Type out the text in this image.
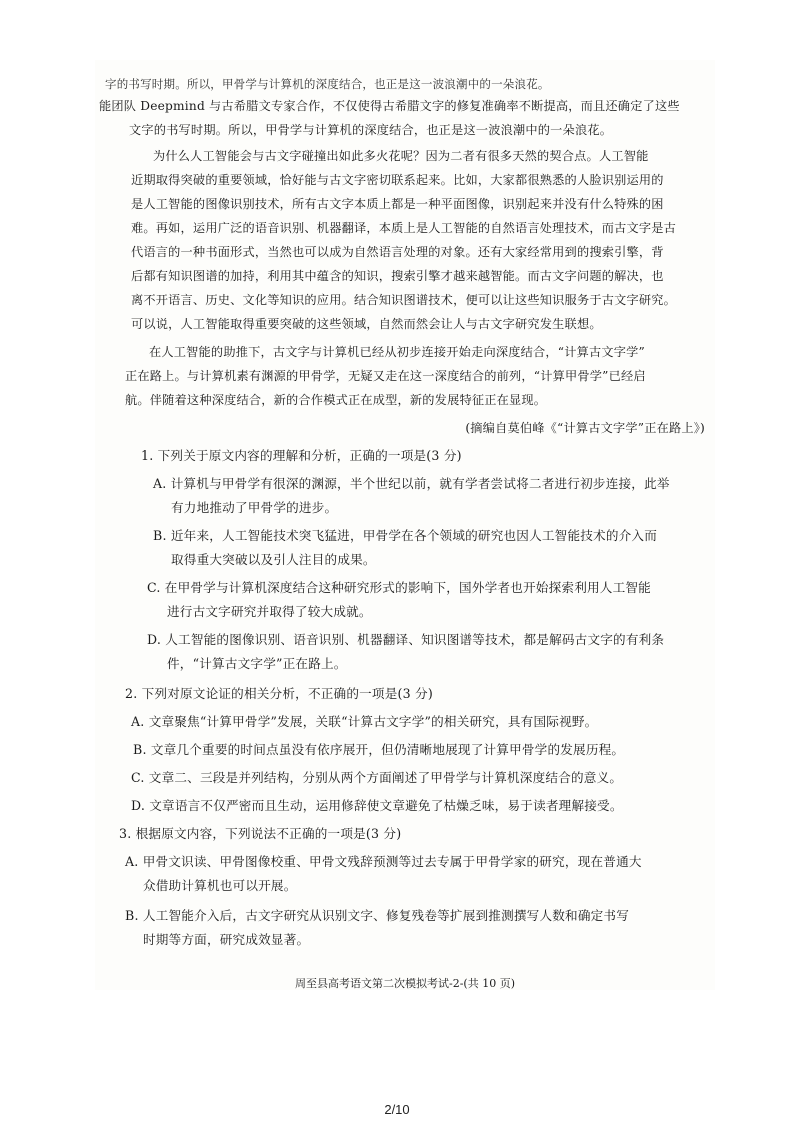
字的书写时期。所以，甲骨学与计算机的深度结合，也正是这一波浪潮中的一朵浪花。
能团队 Deepmind 与古希腊文专家合作，不仅使得古希腊文字的修复准确率不断提高，而且还确定了这些
文字的书写时期。所以，甲骨学与计算机的深度结合，也正是这一波浪潮中的一朵浪花。
为什么人工智能会与古文字碰撞出如此多火花呢？因为二者有很多天然的契合点。人工智能
近期取得突破的重要领域，恰好能与古文字密切联系起来。比如，大家都很熟悉的人脸识别运用的
是人工智能的图像识别技术，所有古文字本质上都是一种平面图像，识别起来并没有什么特殊的困
难。再如，运用广泛的语音识别、机器翻译，本质上是人工智能的自然语言处理技术，而古文字是古
代语言的一种书面形式，当然也可以成为自然语言处理的对象。还有大家经常用到的搜索引擎，背
后都有知识图谱的加持，利用其中蕴含的知识，搜索引擎才越来越智能。而古文字问题的解决，也
离不开语言、历史、文化等知识的应用。结合知识图谱技术，便可以让这些知识服务于古文字研究。
可以说，人工智能取得重要突破的这些领域，自然而然会让人与古文字研究发生联想。
在人工智能的助推下，古文字与计算机已经从初步连接开始走向深度结合，“计算古文字学”
正在路上。与计算机素有渊源的甲骨学，无疑又走在这一深度结合的前列，“计算甲骨学”已经启
航。伴随着这种深度结合，新的合作模式正在成型，新的发展特征正在显现。
(摘编自莫伯峰《“计算古文字学”正在路上》)
1. 下列关于原文内容的理解和分析，正确的一项是(3 分)
A. 计算机与甲骨学有很深的渊源，半个世纪以前，就有学者尝试将二者进行初步连接，此举
有力地推动了甲骨学的进步。
B. 近年来，人工智能技术突飞猛进，甲骨学在各个领域的研究也因人工智能技术的介入而
取得重大突破以及引人注目的成果。
C. 在甲骨学与计算机深度结合这种研究形式的影响下，国外学者也开始探索利用人工智能
进行古文字研究并取得了较大成就。
D. 人工智能的图像识别、语音识别、机器翻译、知识图谱等技术，都是解码古文字的有利条
件，“计算古文字学”正在路上。
2. 下列对原文论证的相关分析，不正确的一项是(3 分)
A. 文章聚焦“计算甲骨学”发展，关联“计算古文字学”的相关研究，具有国际视野。
B. 文章几个重要的时间点虽没有依序展开，但仍清晰地展现了计算甲骨学的发展历程。
C. 文章二、三段是并列结构，分别从两个方面阐述了甲骨学与计算机深度结合的意义。
D. 文章语言不仅严密而且生动，运用修辞使文章避免了枯燥乏味，易于读者理解接受。
3. 根据原文内容，下列说法不正确的一项是(3 分)
A. 甲骨文识读、甲骨图像校重、甲骨文残辞预测等过去专属于甲骨学家的研究，现在普通大
众借助计算机也可以开展。
B. 人工智能介入后，古文字研究从识别文字、修复残卷等扩展到推测撰写人数和确定书写
时期等方面，研究成效显著。
周至县高考语文第二次模拟考试-2-(共 10 页)
2/10
